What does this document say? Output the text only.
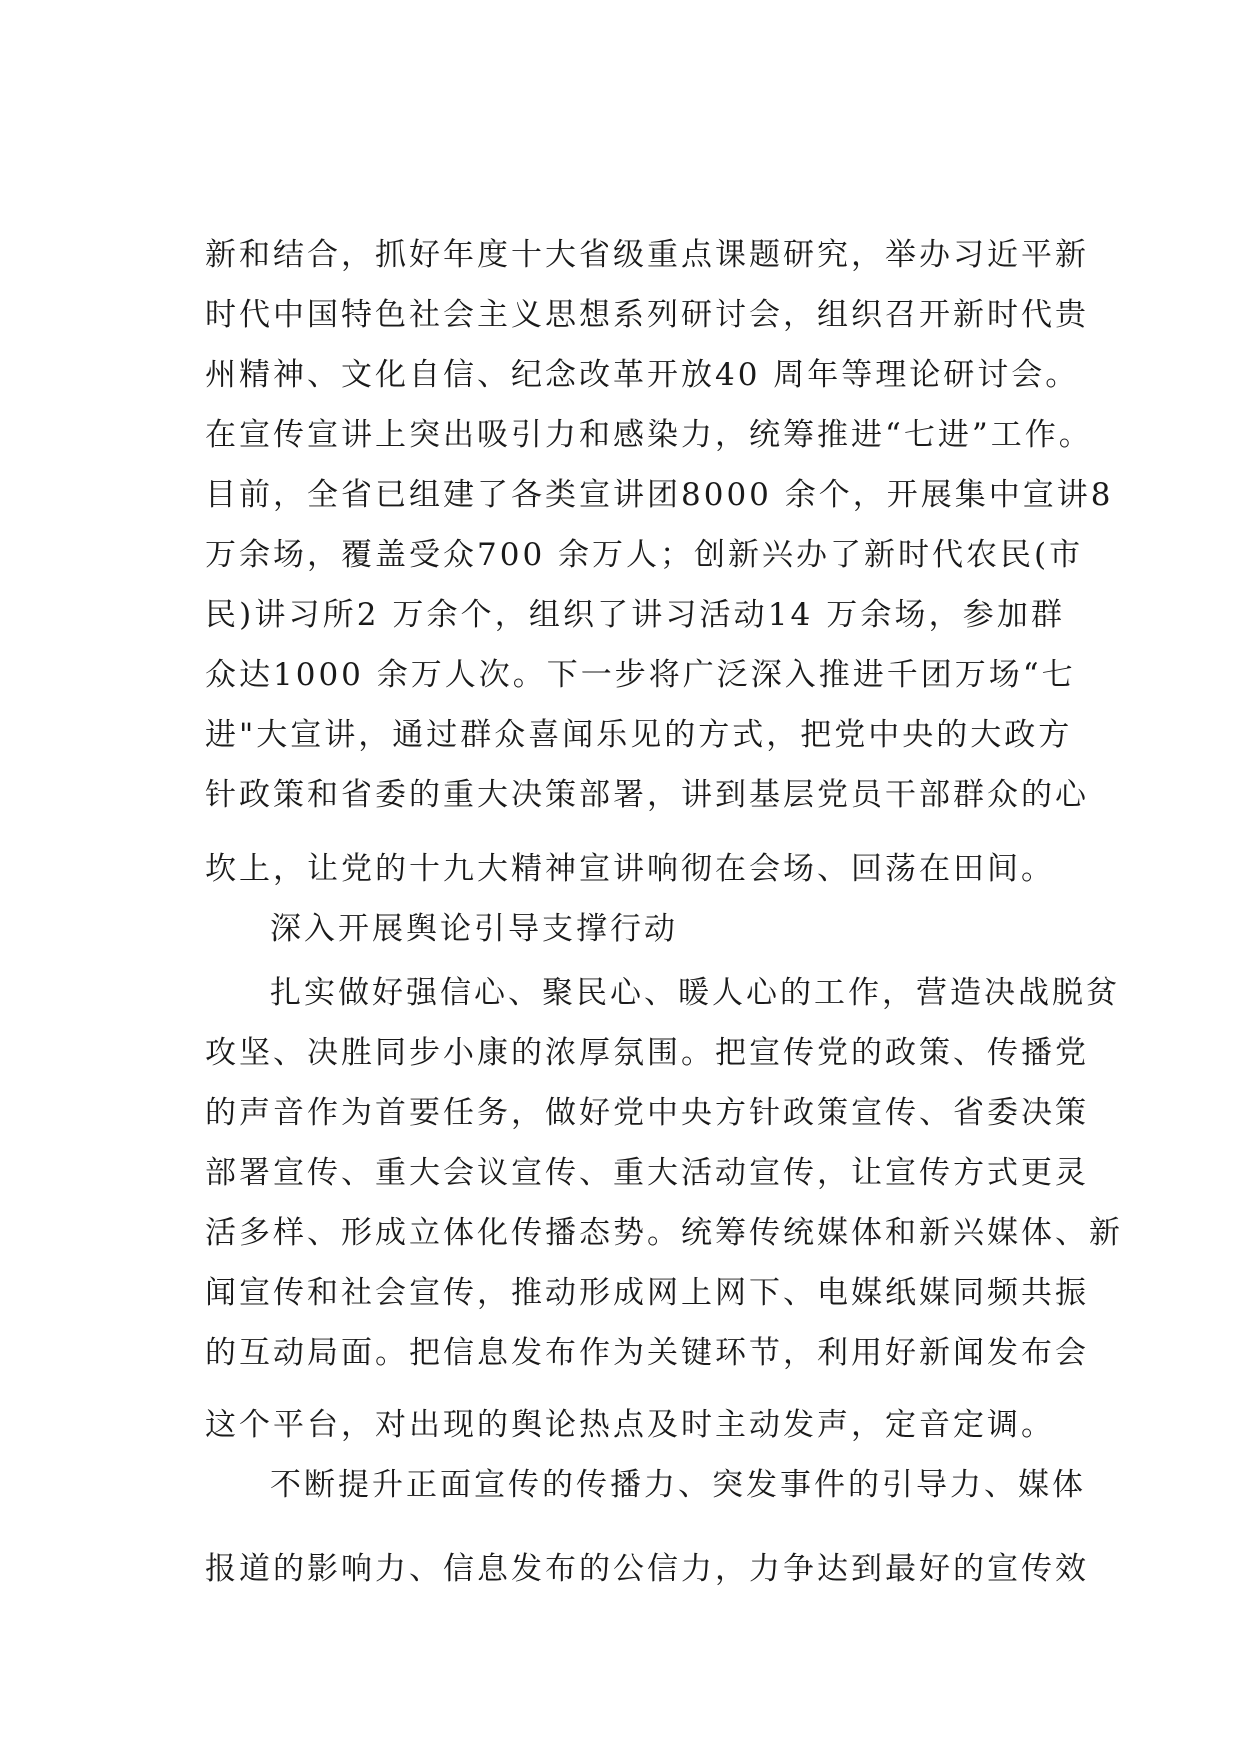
新和结合，抓好年度十大省级重点课题研究，举办习近平新
时代中国特色社会主义思想系列研讨会，组织召开新时代贵
州精神、文化自信、纪念改革开放40 周年等理论研讨会。
在宣传宣讲上突出吸引力和感染力，统筹推进“七进”工作。
目前，全省已组建了各类宣讲团8000 余个，开展集中宣讲8
万余场，覆盖受众700 余万人；创新兴办了新时代农民(市
民)讲习所2 万余个，组织了讲习活动14 万余场，参加群
众达1000 余万人次。下一步将广泛深入推进千团万场“七
进"大宣讲，通过群众喜闻乐见的方式，把党中央的大政方
针政策和省委的重大决策部署，讲到基层党员干部群众的心
坎上，让党的十九大精神宣讲响彻在会场、回荡在田间。
深入开展舆论引导支撑行动
扎实做好强信心、聚民心、暖人心的工作，营造决战脱贫
攻坚、决胜同步小康的浓厚氛围。把宣传党的政策、传播党
的声音作为首要任务，做好党中央方针政策宣传、省委决策
部署宣传、重大会议宣传、重大活动宣传，让宣传方式更灵
活多样、形成立体化传播态势。统筹传统媒体和新兴媒体、新
闻宣传和社会宣传，推动形成网上网下、电媒纸媒同频共振
的互动局面。把信息发布作为关键环节，利用好新闻发布会
这个平台，对出现的舆论热点及时主动发声，定音定调。
不断提升正面宣传的传播力、突发事件的引导力、媒体
报道的影响力、信息发布的公信力，力争达到最好的宣传效
